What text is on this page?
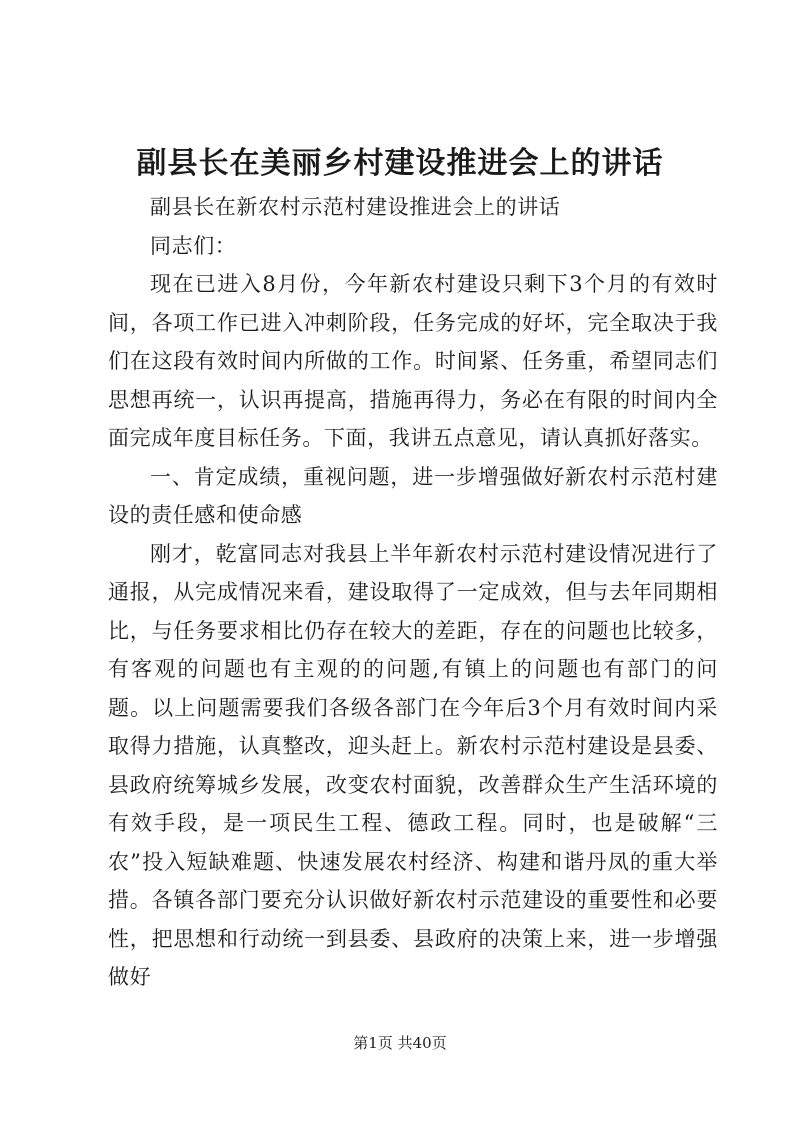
副县长在美丽乡村建设推进会上的讲话

副县长在新农村示范村建设推进会上的讲话

同志们：

现在已进入8月份，今年新农村建设只剩下3个月的有效时间，各项工作已进入冲刺阶段，任务完成的好坏，完全取决于我们在这段有效时间内所做的工作。时间紧、任务重，希望同志们思想再统一，认识再提高，措施再得力，务必在有限的时间内全面完成年度目标任务。下面，我讲五点意见，请认真抓好落实。

一、肯定成绩，重视问题，进一步增强做好新农村示范村建设的责任感和使命感

刚才，乾富同志对我县上半年新农村示范村建设情况进行了通报，从完成情况来看，建设取得了一定成效，但与去年同期相比，与任务要求相比仍存在较大的差距，存在的问题也比较多，有客观的问题也有主观的的问题,有镇上的问题也有部门的问题。以上问题需要我们各级各部门在今年后3个月有效时间内采取得力措施，认真整改，迎头赶上。新农村示范村建设是县委、县政府统筹城乡发展，改变农村面貌，改善群众生产生活环境的有效手段，是一项民生工程、德政工程。同时，也是破解“三农”投入短缺难题、快速发展农村经济、构建和谐丹凤的重大举措。各镇各部门要充分认识做好新农村示范建设的重要性和必要性，把思想和行动统一到县委、县政府的决策上来，进一步增强做好

第1页 共40页
